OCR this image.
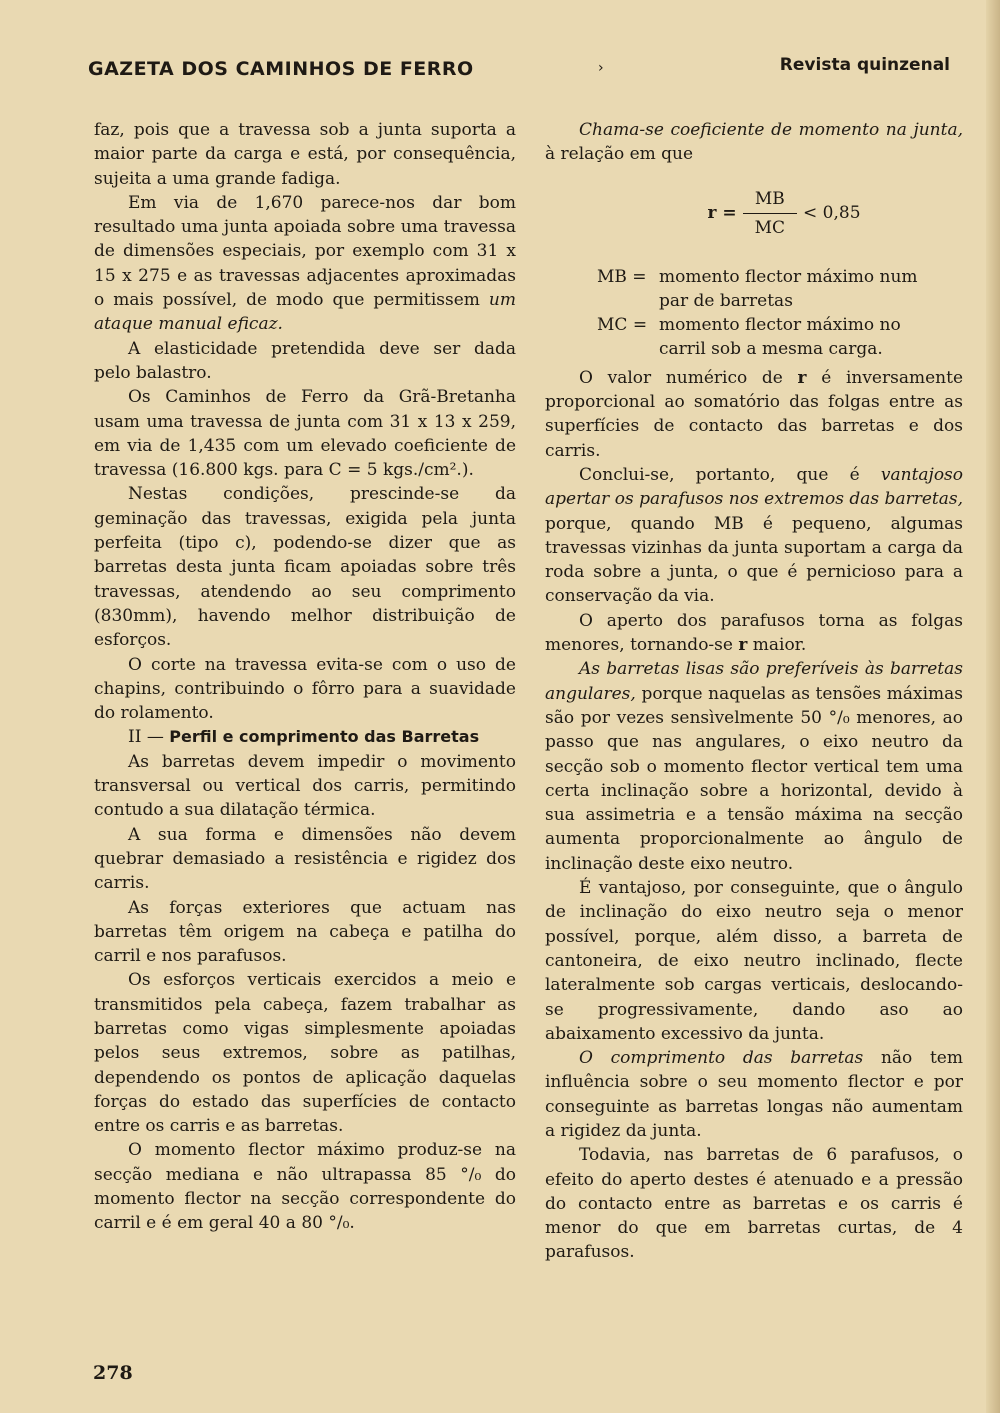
GAZETA DOS CAMINHOS DE FERRO	›	Revista quinzenal

faz, pois que a travessa sob a junta suporta a maior parte da carga e está, por consequência, sujeita a uma grande fadiga.

Em via de 1,670 parece-nos dar bom resultado uma junta apoiada sobre uma travessa de dimensões especiais, por exemplo com 31 x 15 x 275 e as travessas adjacentes aproximadas o mais possível, de modo que permitissem um ataque manual eficaz.

A elasticidade pretendida deve ser dada pelo balastro.

Os Caminhos de Ferro da Grã-Bretanha usam uma travessa de junta com 31 x 13 x 259, em via de 1,435 com um elevado coeficiente de travessa (16.800 kgs. para C = 5 kgs./cm².).

Nestas condições, prescinde-se da geminação das travessas, exigida pela junta perfeita (tipo c), podendo-se dizer que as barretas desta junta ficam apoiadas sobre três travessas, atendendo ao seu comprimento (830mm), havendo melhor distribuição de esforços.

O corte na travessa evita-se com o uso de chapins, contribuindo o fôrro para a suavidade do rolamento.

II — Perfil e comprimento das Barretas

As barretas devem impedir o movimento transversal ou vertical dos carris, permitindo contudo a sua dilatação térmica.

A sua forma e dimensões não devem quebrar demasiado a resistência e rigidez dos carris.

As forças exteriores que actuam nas barretas têm origem na cabeça e patilha do carril e nos parafusos.

Os esforços verticais exercidos a meio e transmitidos pela cabeça, fazem trabalhar as barretas como vigas simplesmente apoiadas pelos seus extremos, sobre as patilhas, dependendo os pontos de aplicação daquelas forças do estado das superfícies de contacto entre os carris e as barretas.

O momento flector máximo produz-se na secção mediana e não ultrapassa 85 °/₀ do momento flector na secção correspondente do carril e é em geral 40 a 80 °/₀.

Chama-se coeficiente de momento na junta, à relação em que

$r = \frac{MB}{MC} < 0,85$
MB = momento flector máximo num
par de barretas
MC = momento flector máximo no
carril sob a mesma carga.

O valor numérico de r é inversamente proporcional ao somatório das folgas entre as superfícies de contacto das barretas e dos carris.

Conclui-se, portanto, que é vantajoso apertar os parafusos nos extremos das barretas, porque, quando MB é pequeno, algumas travessas vizinhas da junta suportam a carga da roda sobre a junta, o que é pernicioso para a conservação da via.

O aperto dos parafusos torna as folgas menores, tornando-se r maior.

As barretas lisas são preferíveis às barretas angulares, porque naquelas as tensões máximas são por vezes sensìvelmente 50 °/₀ menores, ao passo que nas angulares, o eixo neutro da secção sob o momento flector vertical tem uma certa inclinação sobre a horizontal, devido à sua assimetria e a tensão máxima na secção aumenta proporcionalmente ao ângulo de inclinação deste eixo neutro.

É vantajoso, por conseguinte, que o ângulo de inclinação do eixo neutro seja o menor possível, porque, além disso, a barreta de cantoneira, de eixo neutro inclinado, flecte lateralmente sob cargas verticais, deslocando-se progressivamente, dando aso ao abaixamento excessivo da junta.

O comprimento das barretas não tem influência sobre o seu momento flector e por conseguinte as barretas longas não aumentam a rigidez da junta.

Todavia, nas barretas de 6 parafusos, o efeito do aperto destes é atenuado e a pressão do contacto entre as barretas e os carris é menor do que em barretas curtas, de 4 parafusos.

278
